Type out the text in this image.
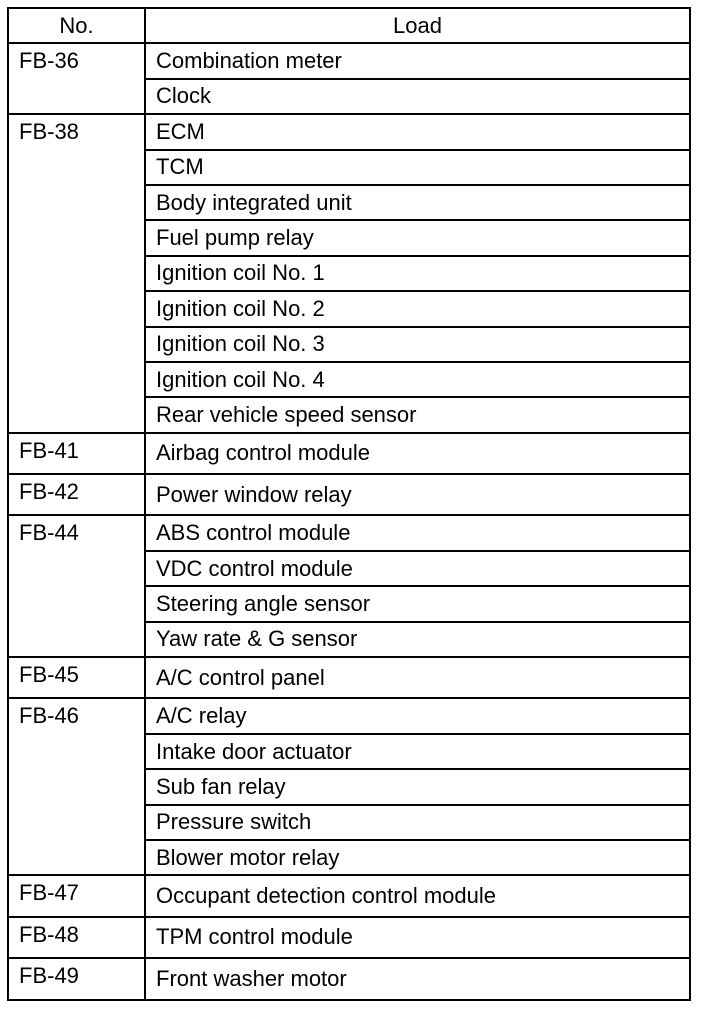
No.	Load
FB-36	Combination meter
	Clock
FB-38	ECM
	TCM
	Body integrated unit
	Fuel pump relay
	Ignition coil No. 1
	Ignition coil No. 2
	Ignition coil No. 3
	Ignition coil No. 4
	Rear vehicle speed sensor
FB-41	Airbag control module
FB-42	Power window relay
FB-44	ABS control module
	VDC control module
	Steering angle sensor
	Yaw rate & G sensor
FB-45	A/C control panel
FB-46	A/C relay
	Intake door actuator
	Sub fan relay
	Pressure switch
	Blower motor relay
FB-47	Occupant detection control module
FB-48	TPM control module
FB-49	Front washer motor
